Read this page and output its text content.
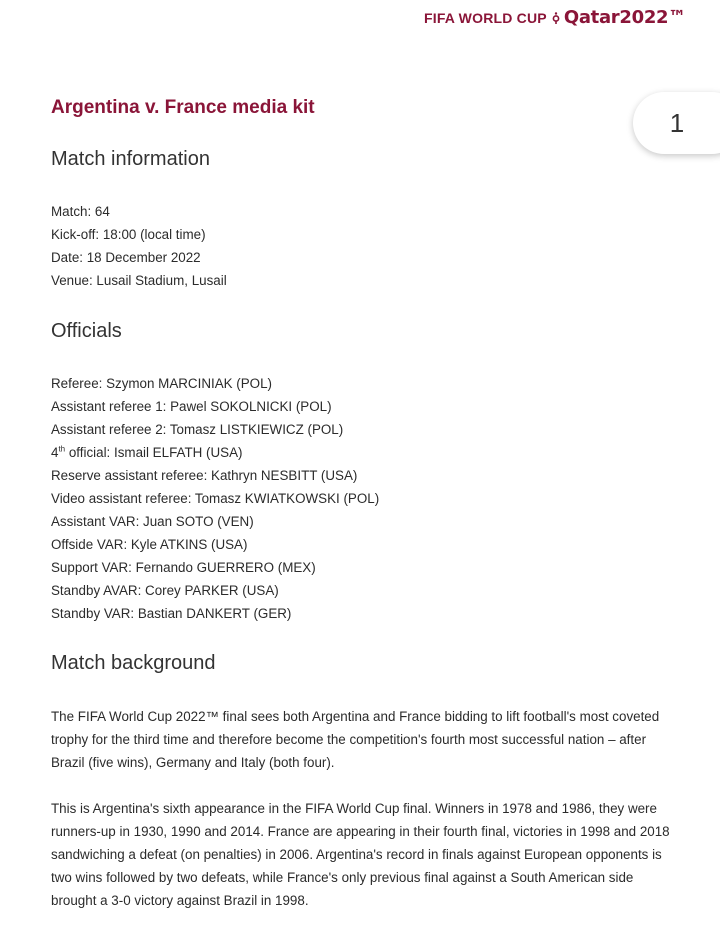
FIFA WORLD CUP Qatar2022™
1
Argentina v. France media kit
Match information
Match: 64
Kick-off: 18:00 (local time)
Date: 18 December 2022
Venue: Lusail Stadium, Lusail
Officials
Referee: Szymon MARCINIAK (POL)
Assistant referee 1: Pawel SOKOLNICKI (POL)
Assistant referee 2: Tomasz LISTKIEWICZ (POL)
4th official: Ismail ELFATH (USA)
Reserve assistant referee: Kathryn NESBITT (USA)
Video assistant referee: Tomasz KWIATKOWSKI (POL)
Assistant VAR: Juan SOTO (VEN)
Offside VAR: Kyle ATKINS (USA)
Support VAR: Fernando GUERRERO (MEX)
Standby AVAR: Corey PARKER (USA)
Standby VAR: Bastian DANKERT (GER)
Match background

The FIFA World Cup 2022™ final sees both Argentina and France bidding to lift football's most coveted trophy for the third time and therefore become the competition's fourth most successful nation – after Brazil (five wins), Germany and Italy (both four).

This is Argentina's sixth appearance in the FIFA World Cup final. Winners in 1978 and 1986, they were runners-up in 1930, 1990 and 2014. France are appearing in their fourth final, victories in 1998 and 2018 sandwiching a defeat (on penalties) in 2006. Argentina's record in finals against European opponents is two wins followed by two defeats, while France's only previous final against a South American side brought a 3-0 victory against Brazil in 1998.
